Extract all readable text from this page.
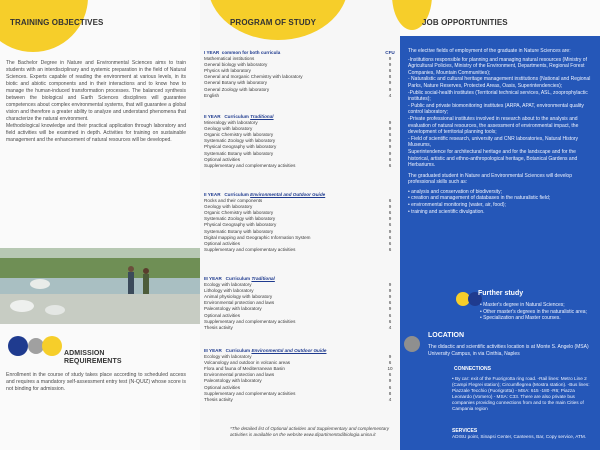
TRAINING OBJECTIVES

The Bachelor Degree in Nature and Environmental Sciences aims to train students with an interdisciplinary and systemic preparation in the field of Natural Sciences. Experts capable of reading the environment at various levels, in its biotic and abiotic components and in their interactions and to know how to manage the human-induced transformation processes. The balanced synthesis between the biological and Earth Sciences disciplines will guarantee competences about complex environmental systems, that will guarantee a global vision and therefore a greater ability to analyze and understand phenomena that characterize the natural environment.

Methodological knowledge and their practical application through laboratory and field activities will be examined in depth. Activities for training on sustainable management and the enhancement of natural resources will be developed.

ADMISSION REQUIREMENTS
Enrollment in the course of study takes place according to scheduled access and requires a mandatory self-assessment entry test (N-QUIZ) whose score is not binding for admission.
PROGRAM OF STUDY
I YEAR common for both curricula	CFU
Mathematical institutions	9
General biology with laboratory	9
Physics with laboratory	6
General and Inorganic Chemistry with laboratory	8
General Botany with laboratory	9
General Zoology with laboratory	9
English	4
II YEAR Curriculum Traditional
Mineralogy with laboratory	9
Geology with laboratory	9
Organic Chemistry with laboratory	6
Systematic Zoology with laboratory	9
Physical Geography with laboratory	9
Systematic Botany with laboratory	9
Optional activities	6
Supplementary and complementary activities	6
II YEAR Curriculum Environmental and Outdoor Guide
Rocks and their components	6
Geology with laboratory	9
Organic Chemistry with laboratory	6
Systematic Zoology with laboratory	9
Physical Geography with laboratory	6
Systematic Botany with laboratory	9
Digital mapping and Geographic Information System	6
Optional activities	6
Supplementary and complementary activities	6
III YEAR Curriculum Traditional
Ecology with laboratory	9
Lithology with laboratory	9
Animal physiology with laboratory	9
Environmental protection and laws	6
Paleontology with laboratory	9
Optional activities	6
Supplementary and complementary activities	6
Thesis activity	4
III YEAR Curriculum Environmental and Outdoor Guide
Ecology with laboratory	9
Volcanology and outdoor in volcanic areas	6
Flora and fauna of Mediterranean Basin	10
Environmental protection and laws	6
Paleontology with laboratory	9
Optional activities	6
Supplementary and complementary activities	8
Thesis activity	4
*The detailed list of Optional activities and Supplementary and complementary activities is available on the website www.dipartimentodibiologia.unina.it
JOB OPPORTUNITIES
The elective fields of employment of the graduate in Nature Sciences are:
-Institutions responsible for planning and managing natural resources (Ministry of Agricultural Policies, Ministry of the Environment, Departments, Regional Forest Companies, Mountain Communities);
- Naturalistic and cultural heritage management institutions (National and Regional Parks, Nature Reserves, Protected Areas, Oasis, Superintendencies);
-Public social-health institutes (Territorial technical services, ASL, zooprophylactic institutes);
- Public and private biomonitoring institutes (ARPA, APAT, environmental quality control laboratory;
-Private professional institutes involved in research about to the analysis and evaluation of natural resources, the assessment of environmental impact, the development of territorial planning tools;
- Field of scientific research, university and CNR laboratories, Natural History Museums,
Superintendence for architectural heritage and for the landscape and for the historical, artistic and ethno-anthropological heritage, Botanical Gardens and Herbariums.
The graduated student in Nature and Environmental Sciences will develop professional skills such as:
• analysis and conservation of biodiversity;
• creation and management of databases in the naturalistic field;
• environmental monitoring (water, air, food);
• training and scientific divulgation.
Further study
• Master's degree in Natural Sciences;
• Other master's degrees in the naturalistic area;
• Specialization and Master courses.
LOCATION
The didactic and scientific activities location is at Monte S. Angelo (MSA) University Campus, in via Cinthia, Naples
CONNECTIONS
• By car: exit of the Fuorigrotta ring road. -Rail lines: Metro Line 2 (Campi Flegrei station); Circumflegrea (Mostra station). -Bus lines: Piazzale Tecchio (Fuorigrotta) - MSA: 615 -180 -R6; Piazza Leonardo (Vomero) - MSA: C33. There are also private bus companies providing connections from and to the main Cities of Campania region
SERVICES
ADISU point, Sinapsi Center, Canteens, Bar, Copy service, ATM.
